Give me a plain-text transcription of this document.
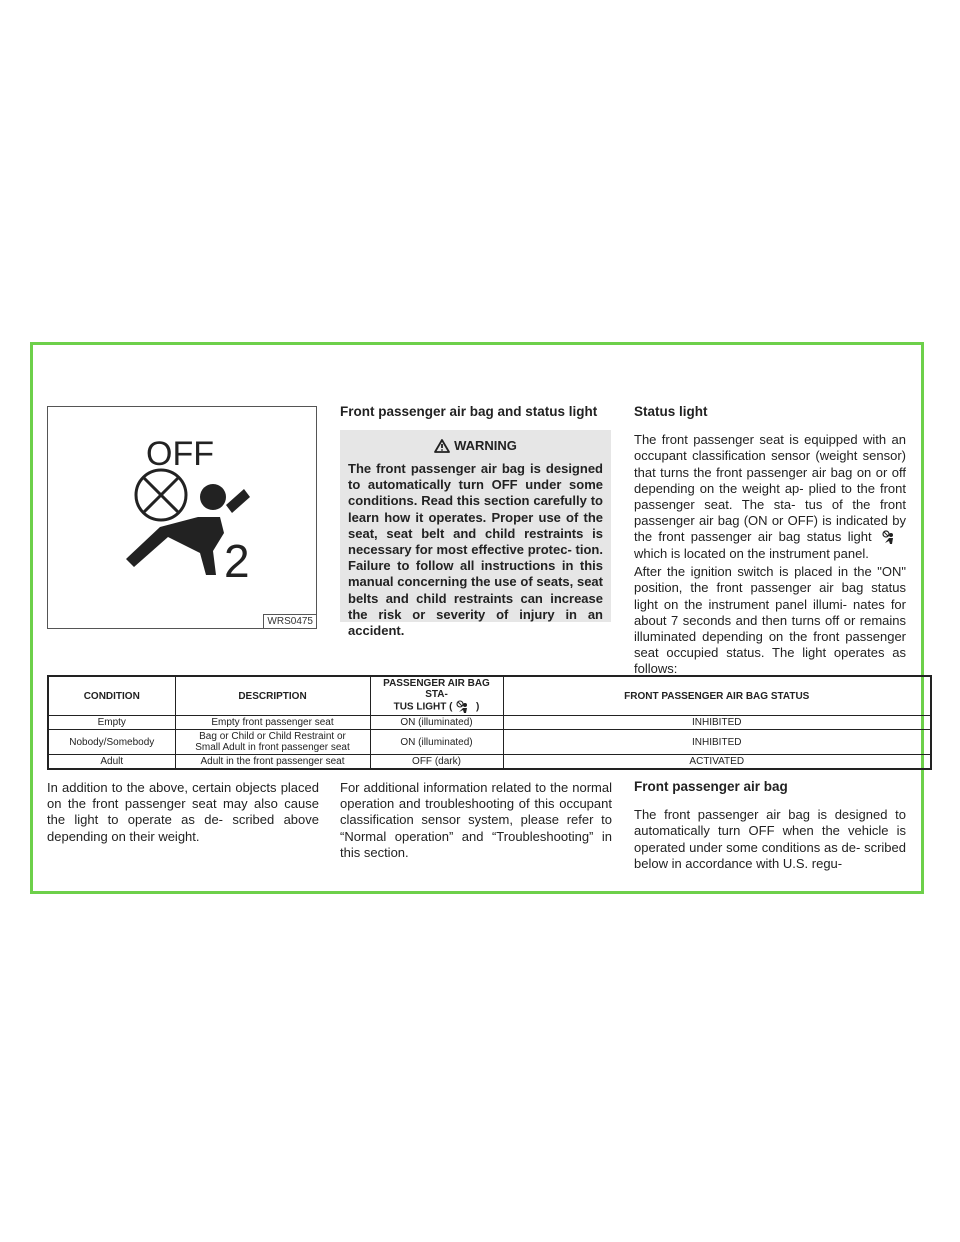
OFF
2
WRS0475
Front passenger air bag and status light
WARNING
The front passenger air bag is designed to automatically turn OFF under some conditions. Read this section carefully to learn how it operates. Proper use of the seat, seat belt and child restraints is necessary for most effective protec- tion. Failure to follow all instructions in this manual concerning the use of seats, seat belts and child restraints can increase the risk or severity of injury in an accident.
Status light

The front passenger seat is equipped with an occupant classification sensor (weight sensor) that turns the front passenger air bag on or off depending on the weight ap- plied to the front passenger seat. The sta- tus of the front passenger air bag (ON or OFF) is indicated by the front passenger air bag status light  which is located on the instrument panel.

After the ignition switch is placed in the "ON" position, the front passenger air bag status light on the instrument panel illumi- nates for about 7 seconds and then turns off or remains illuminated depending on the front passenger seat occupied status. The light operates as follows:

CONDITION	DESCRIPTION	PASSENGER AIR BAG STA-
TUS LIGHT ( )	FRONT PASSENGER AIR BAG STATUS
Empty	Empty front passenger seat	ON (illuminated)	INHIBITED
Nobody/Somebody	Bag or Child or Child Restraint or
Small Adult in front passenger seat	ON (illuminated)	INHIBITED
Adult	Adult in the front passenger seat	OFF (dark)	ACTIVATED

In addition to the above, certain objects placed on the front passenger seat may also cause the light to operate as de- scribed above depending on their weight.

For additional information related to the normal operation and troubleshooting of this occupant classification sensor system, please refer to “Normal operation” and “Troubleshooting” in this section.

Front passenger air bag

The front passenger air bag is designed to automatically turn OFF when the vehicle is operated under some conditions as de- scribed below in accordance with U.S. regu-
